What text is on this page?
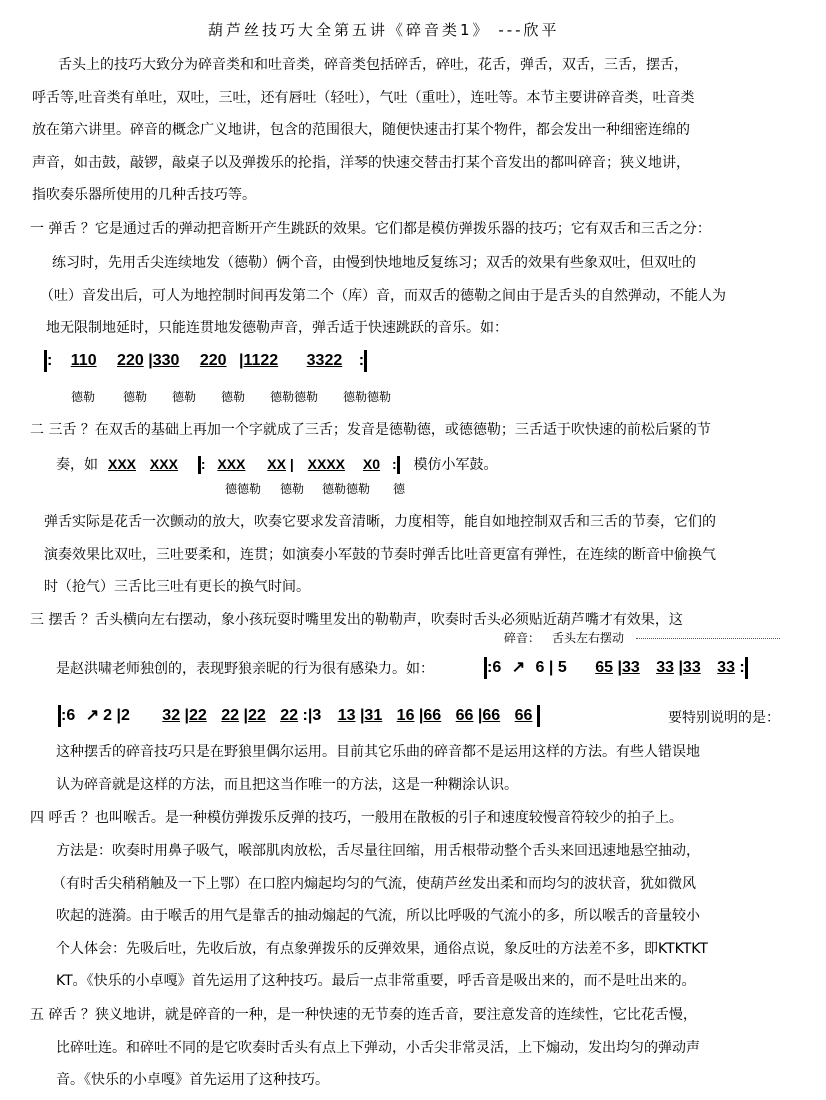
葫芦丝技巧大全第五讲《碎音类1》 ---欣平
舌头上的技巧大致分为碎音类和和吐音类，碎音类包括碎舌，碎吐，花舌，弹舌，双舌，三舌，摆舌，
呼舌等,吐音类有单吐，双吐，三吐，还有唇吐（轻吐），气吐（重吐），连吐等。本节主要讲碎音类，吐音类
放在第六讲里。碎音的概念广义地讲，包含的范围很大，随便快速击打某个物件，都会发出一种细密连绵的
声音，如击鼓，敲锣，敲桌子以及弹拨乐的抡指，洋琴的快速交替击打某个音发出的都叫碎音；狭义地讲，
指吹奏乐器所使用的几种舌技巧等。
一 弹舌 ？它是通过舌的弹动把音断开产生跳跃的效果。它们都是模仿弹拨乐器的技巧；它有双舌和三舌之分：
练习时，先用舌尖连续地发（德勒）俩个音，由慢到快地地反复练习；双舌的效果有些象双吐，但双吐的
（吐）音发出后，可人为地控制时间再发第二个（库）音，而双舌的德勒之间由于是舌头的自然弹动，不能人为
地无限制地延时，只能连贯地发德勒声音，弹舌适于快速跳跃的音乐。如：
: 110 220 |330 220 |1122 3322 :
德勒 德勒 德勒 德勒 德勒德勒 德勒德勒
二 三舌 ？在双舌的基础上再加一个字就成了三舌；发音是德勒德，或德德勒；三舌适于吹快速的前松后紧的节
奏，如 XXX XXX : XXX XX | XXXX X0 : 模仿小军鼓。
德德勒 德勒 德勒德勒 德
弹舌实际是花舌一次颤动的放大，吹奏它要求发音清晰，力度相等，能自如地控制双舌和三舌的节奏，它们的
演奏效果比双吐，三吐要柔和，连贯；如演奏小军鼓的节奏时弹舌比吐音更富有弹性，在连续的断音中偷换气
时（抢气）三舌比三吐有更长的换气时间。
三 摆舌 ？舌头横向左右摆动，象小孩玩耍时嘴里发出的勒勒声，吹奏时舌头必须贴近葫芦嘴才有效果，这
碎音： 舌头左右摆动
是赵洪啸老师独创的，表现野狼亲昵的行为很有感染力。如：	:6 ↗ 6 | 5 65 |33 33 |33 33 :
:6 ↗ 2 |2 32 |22 22 |22 22 :|3 13 |31 16 |66 66 |66 66	要特别说明的是：
这种摆舌的碎音技巧只是在野狼里偶尔运用。目前其它乐曲的碎音都不是运用这样的方法。有些人错误地
认为碎音就是这样的方法，而且把这当作唯一的方法，这是一种糊涂认识。
四 呼舌 ？也叫喉舌。是一种模仿弹拨乐反弹的技巧，一般用在散板的引子和速度较慢音符较少的拍子上。
方法是：吹奏时用鼻子吸气，喉部肌肉放松，舌尽量往回缩，用舌根带动整个舌头来回迅速地悬空抽动，
（有时舌尖稍稍触及一下上鄂）在口腔内煽起均匀的气流，使葫芦丝发出柔和而均匀的波状音，犹如微风
吹起的涟漪。由于喉舌的用气是靠舌的抽动煽起的气流，所以比呼吸的气流小的多，所以喉舌的音量较小
个人体会：先吸后吐，先收后放，有点象弹拨乐的反弹效果，通俗点说，象反吐的方法差不多，即KTKTKT
KT。《快乐的小卓嘎》首先运用了这种技巧。最后一点非常重要，呼舌音是吸出来的，而不是吐出来的。
五 碎舌 ？狭义地讲，就是碎音的一种，是一种快速的无节奏的连舌音，要注意发音的连续性，它比花舌慢，
比碎吐连。和碎吐不同的是它吹奏时舌头有点上下弹动，小舌尖非常灵活，上下煽动，发出均匀的弹动声
音。《快乐的小卓嘎》首先运用了这种技巧。
